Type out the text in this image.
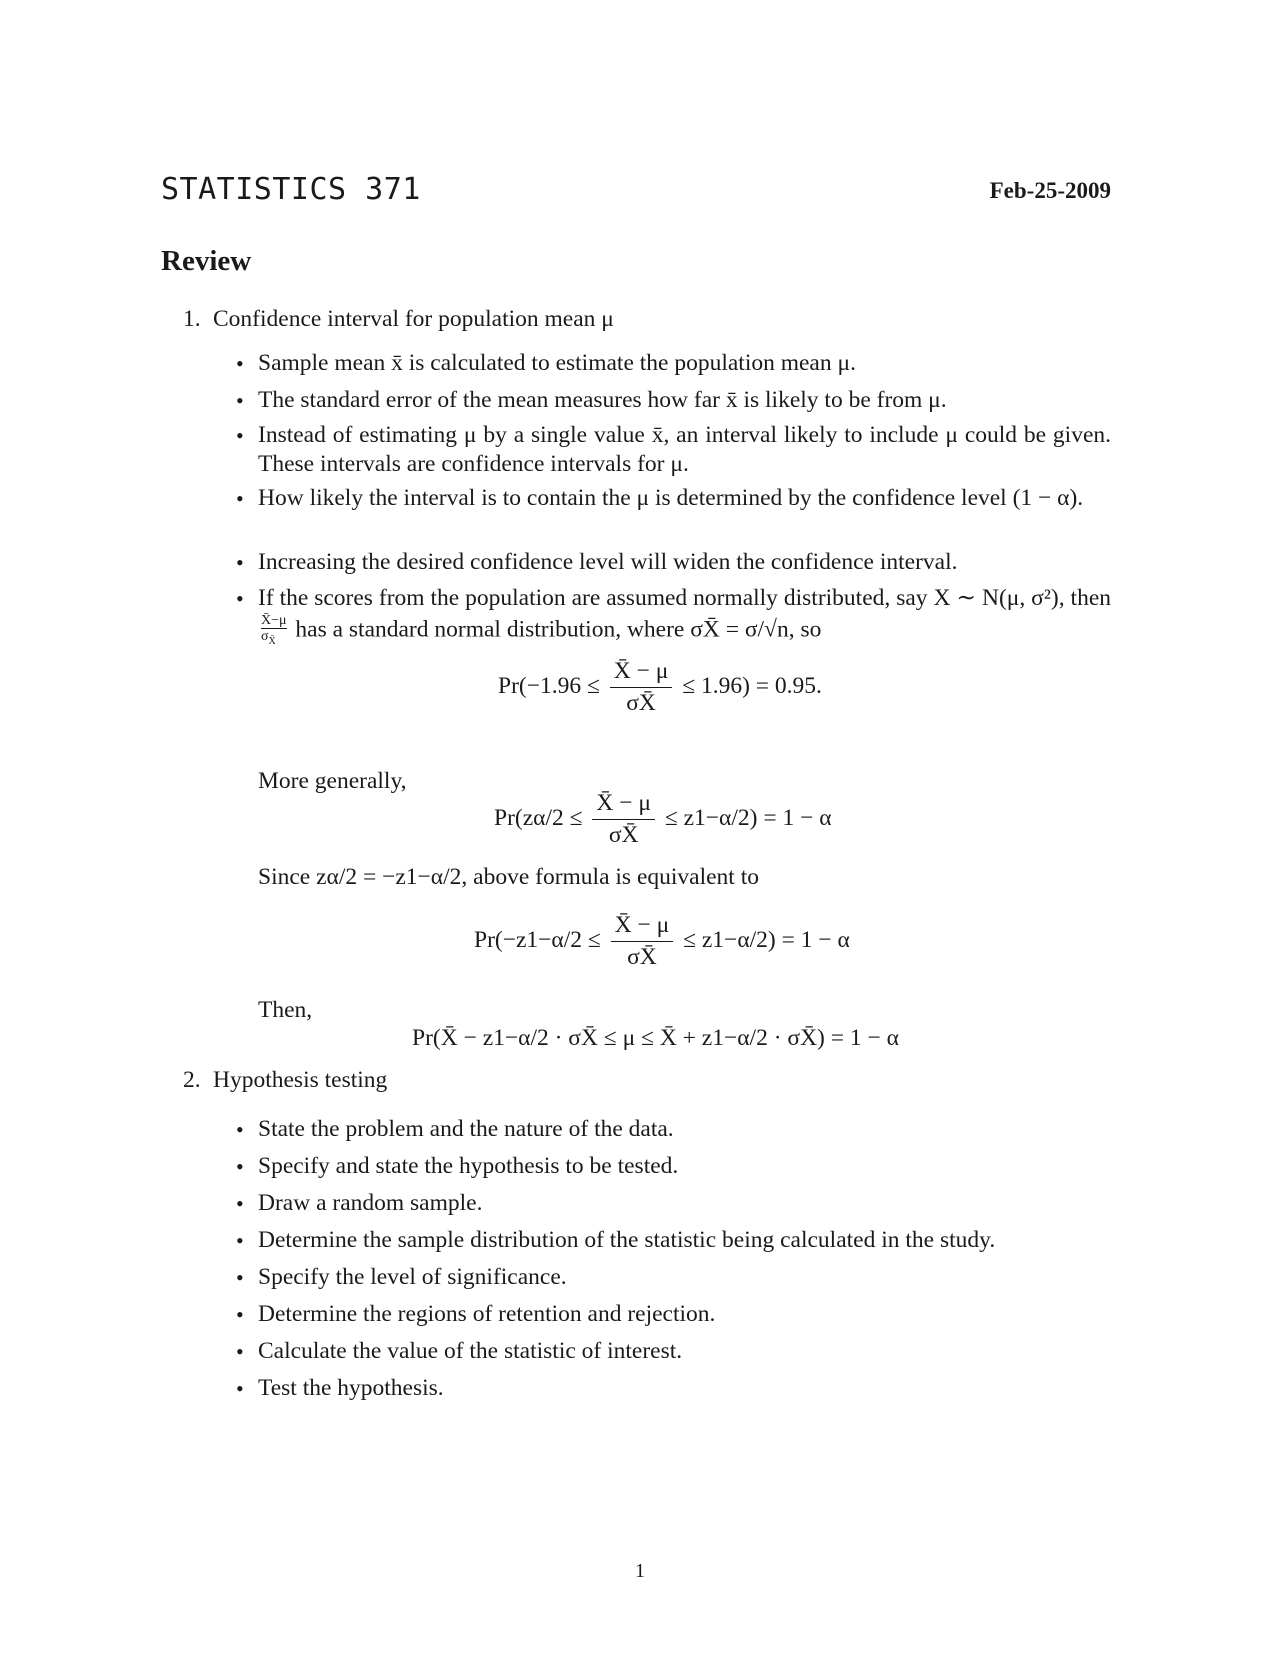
STATISTICS 371	Feb-25-2009
Review
1. Confidence interval for population mean μ
• Sample mean x̄ is calculated to estimate the population mean μ.
• The standard error of the mean measures how far x̄ is likely to be from μ.
• Instead of estimating μ by a single value x̄, an interval likely to include μ could be given. These intervals are confidence intervals for μ.
• How likely the interval is to contain the μ is determined by the confidence level (1 − α).
• Increasing the desired confidence level will widen the confidence interval.
• If the scores from the population are assumed normally distributed, say X ∼ N(μ, σ²), then
$\frac{X̄-\mu}{\sigma_{X̄}}$ has a standard normal distribution, where σX̄ = σ/√n, so
$Pr(-1.96 \le \frac{X̄ - \mu}{\sigma X̄} \le 1.96) = 0.95$.
More generally,
$Pr(z\alpha/2 \le \frac{X̄ - \mu}{\sigma X̄} \le z1-\alpha/2) = 1 - \alpha$
Since zα/2 = −z1−α/2, above formula is equivalent to
$Pr(-z1-\alpha/2 \le \frac{X̄ - \mu}{\sigma X̄} \le z1-\alpha/2) = 1 - \alpha$
Then,
Pr(X̄ − z1−α/2 · σX̄ ≤ μ ≤ X̄ + z1−α/2 · σX̄) = 1 − α
2. Hypothesis testing
• State the problem and the nature of the data.
• Specify and state the hypothesis to be tested.
• Draw a random sample.
• Determine the sample distribution of the statistic being calculated in the study.
• Specify the level of significance.
• Determine the regions of retention and rejection.
• Calculate the value of the statistic of interest.
• Test the hypothesis.
1
